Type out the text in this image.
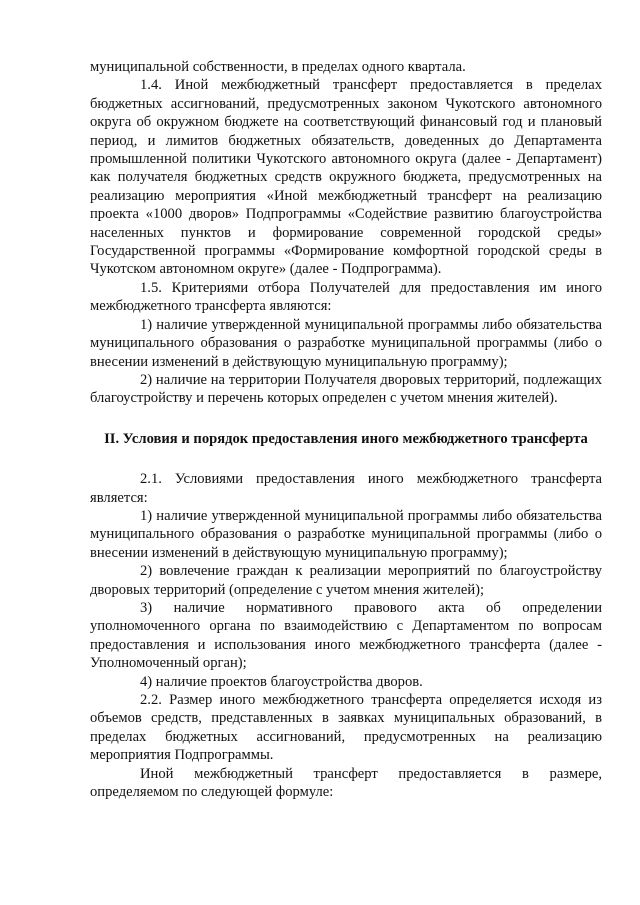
муниципальной собственности, в пределах одного квартала.

1.4. Иной межбюджетный трансферт предоставляется в пределах бюджетных ассигнований, предусмотренных законом Чукотского автономного округа об окружном бюджете на соответствующий финансовый год и плановый период, и лимитов бюджетных обязательств, доведенных до Департамента промышленной политики Чукотского автономного округа (далее - Департамент) как получателя бюджетных средств окружного бюджета, предусмотренных на реализацию мероприятия «Иной межбюджетный трансферт на реализацию проекта «1000 дворов» Подпрограммы «Содействие развитию благоустройства населенных пунктов и формирование современной городской среды» Государственной программы «Формирование комфортной городской среды в Чукотском автономном округе» (далее - Подпрограмма).

1.5. Критериями отбора Получателей для предоставления им иного межбюджетного трансферта являются:

1) наличие утвержденной муниципальной программы либо обязательства муниципального образования о разработке муниципальной программы (либо о внесении изменений в действующую муниципальную программу);

2) наличие на территории Получателя дворовых территорий, подлежащих благоустройству и перечень которых определен с учетом мнения жителей).

II. Условия и порядок предоставления иного межбюджетного трансферта

2.1. Условиями предоставления иного межбюджетного трансферта является:

1) наличие утвержденной муниципальной программы либо обязательства муниципального образования о разработке муниципальной программы (либо о внесении изменений в действующую муниципальную программу);

2) вовлечение граждан к реализации мероприятий по благоустройству дворовых территорий (определение с учетом мнения жителей);

3) наличие нормативного правового акта об определении уполномоченного органа по взаимодействию с Департаментом по вопросам предоставления и использования иного межбюджетного трансферта (далее - Уполномоченный орган);

4) наличие проектов благоустройства дворов.

2.2. Размер иного межбюджетного трансферта определяется исходя из объемов средств, представленных в заявках муниципальных образований, в пределах бюджетных ассигнований, предусмотренных на реализацию мероприятия Подпрограммы.

Иной межбюджетный трансферт предоставляется в размере, определяемом по следующей формуле:
